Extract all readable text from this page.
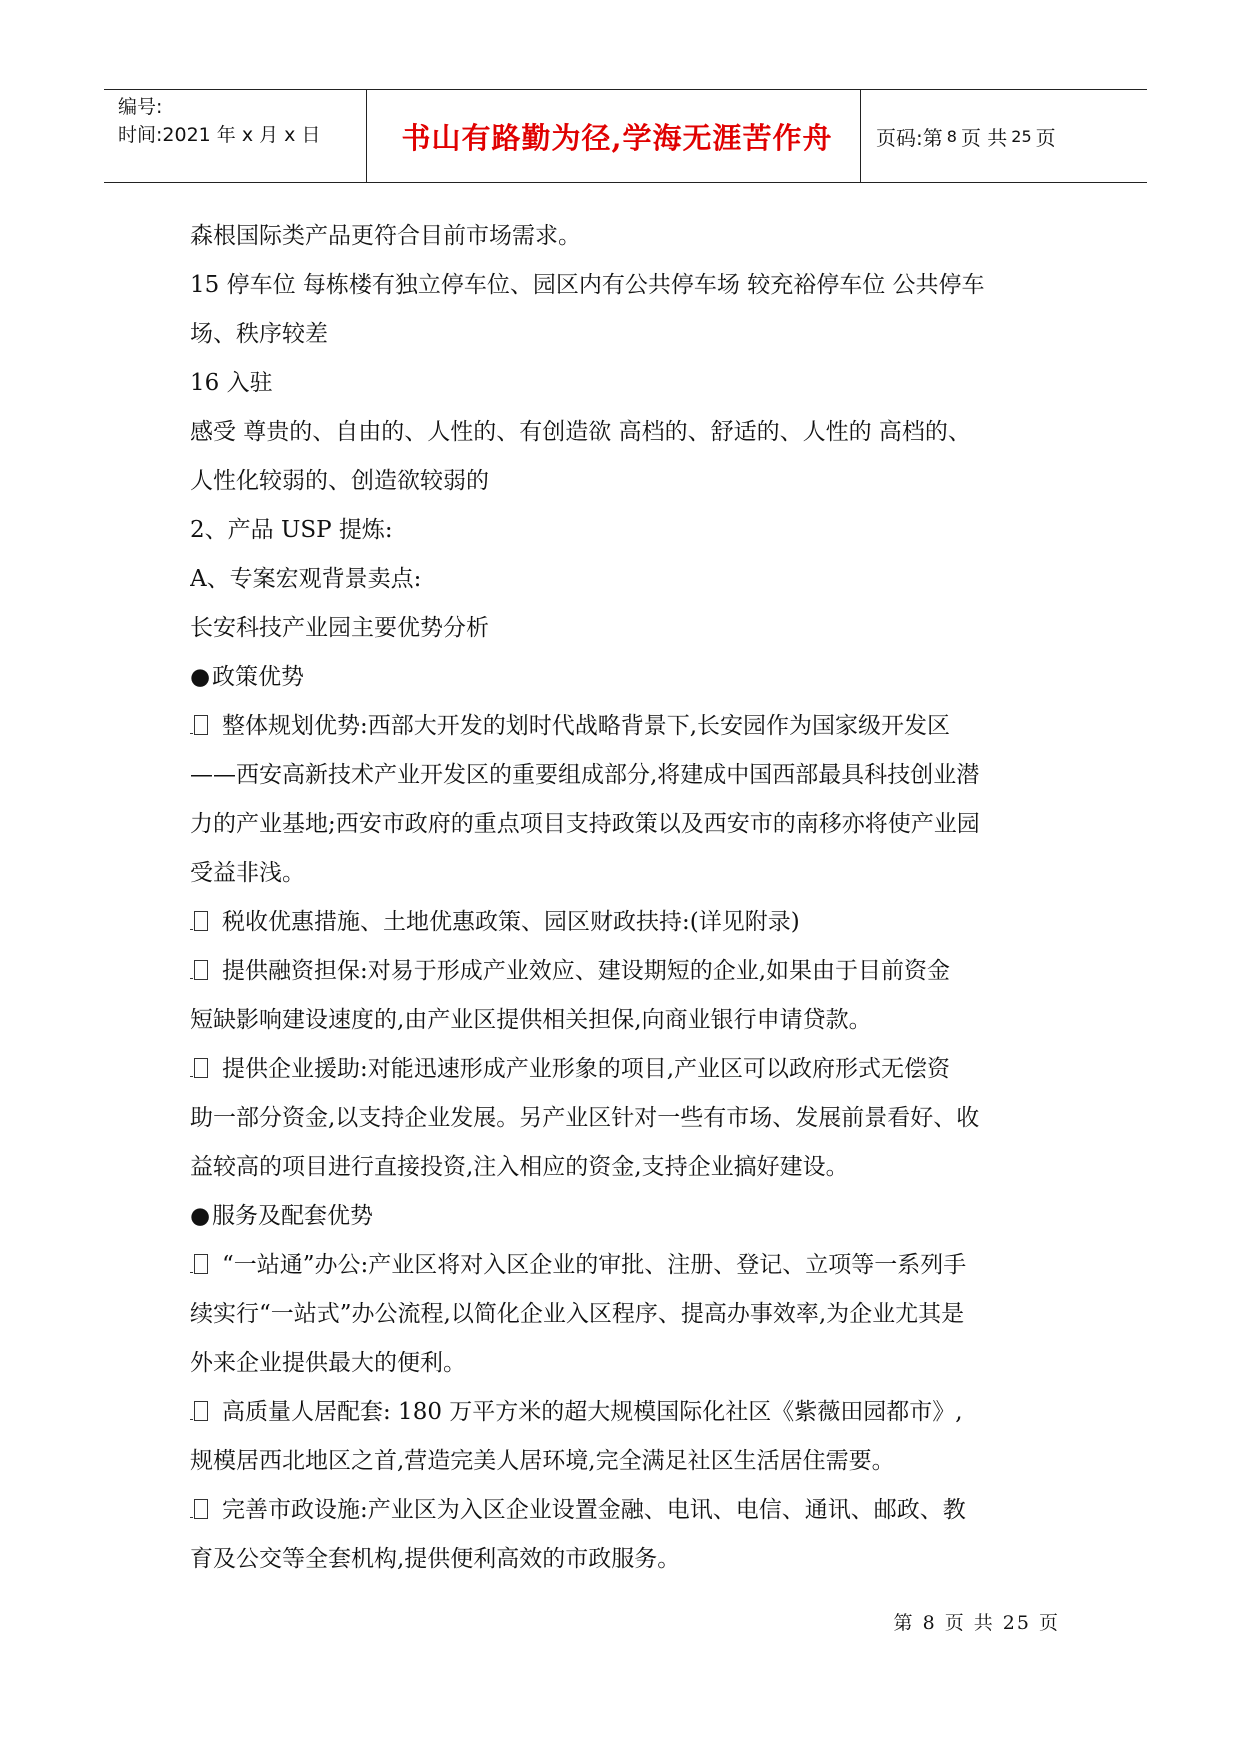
编号:
时间:2021 年 x 月 x 日	书山有路勤为径,学海无涯苦作舟 页码:第 8 页 共 25 页
森根国际类产品更符合目前市场需求。
15 停车位 每栋楼有独立停车位、园区内有公共停车场 较充裕停车位 公共停车
场、秩序较差
16 入驻
感受 尊贵的、自由的、人性的、有创造欲 高档的、舒适的、人性的 高档的、
人性化较弱的、创造欲较弱的
2、产品 USP 提炼:
A、专案宏观背景卖点:
长安科技产业园主要优势分析
●政策优势
整体规划优势:西部大开发的划时代战略背景下,长安园作为国家级开发区
——西安高新技术产业开发区的重要组成部分,将建成中国西部最具科技创业潜
力的产业基地;西安市政府的重点项目支持政策以及西安市的南移亦将使产业园
受益非浅。
税收优惠措施、土地优惠政策、园区财政扶持:(详见附录)
提供融资担保:对易于形成产业效应、建设期短的企业,如果由于目前资金
短缺影响建设速度的,由产业区提供相关担保,向商业银行申请贷款。
提供企业援助:对能迅速形成产业形象的项目,产业区可以政府形式无偿资
助一部分资金,以支持企业发展。另产业区针对一些有市场、发展前景看好、收
益较高的项目进行直接投资,注入相应的资金,支持企业搞好建设。
●服务及配套优势
“一站通”办公:产业区将对入区企业的审批、注册、登记、立项等一系列手
续实行“一站式”办公流程,以简化企业入区程序、提高办事效率,为企业尤其是
外来企业提供最大的便利。
高质量人居配套: 180 万平方米的超大规模国际化社区《紫薇田园都市》,
规模居西北地区之首,营造完美人居环境,完全满足社区生活居住需要。
完善市政设施:产业区为入区企业设置金融、电讯、电信、通讯、邮政、教
育及公交等全套机构,提供便利高效的市政服务。
第 8 页 共 25 页
